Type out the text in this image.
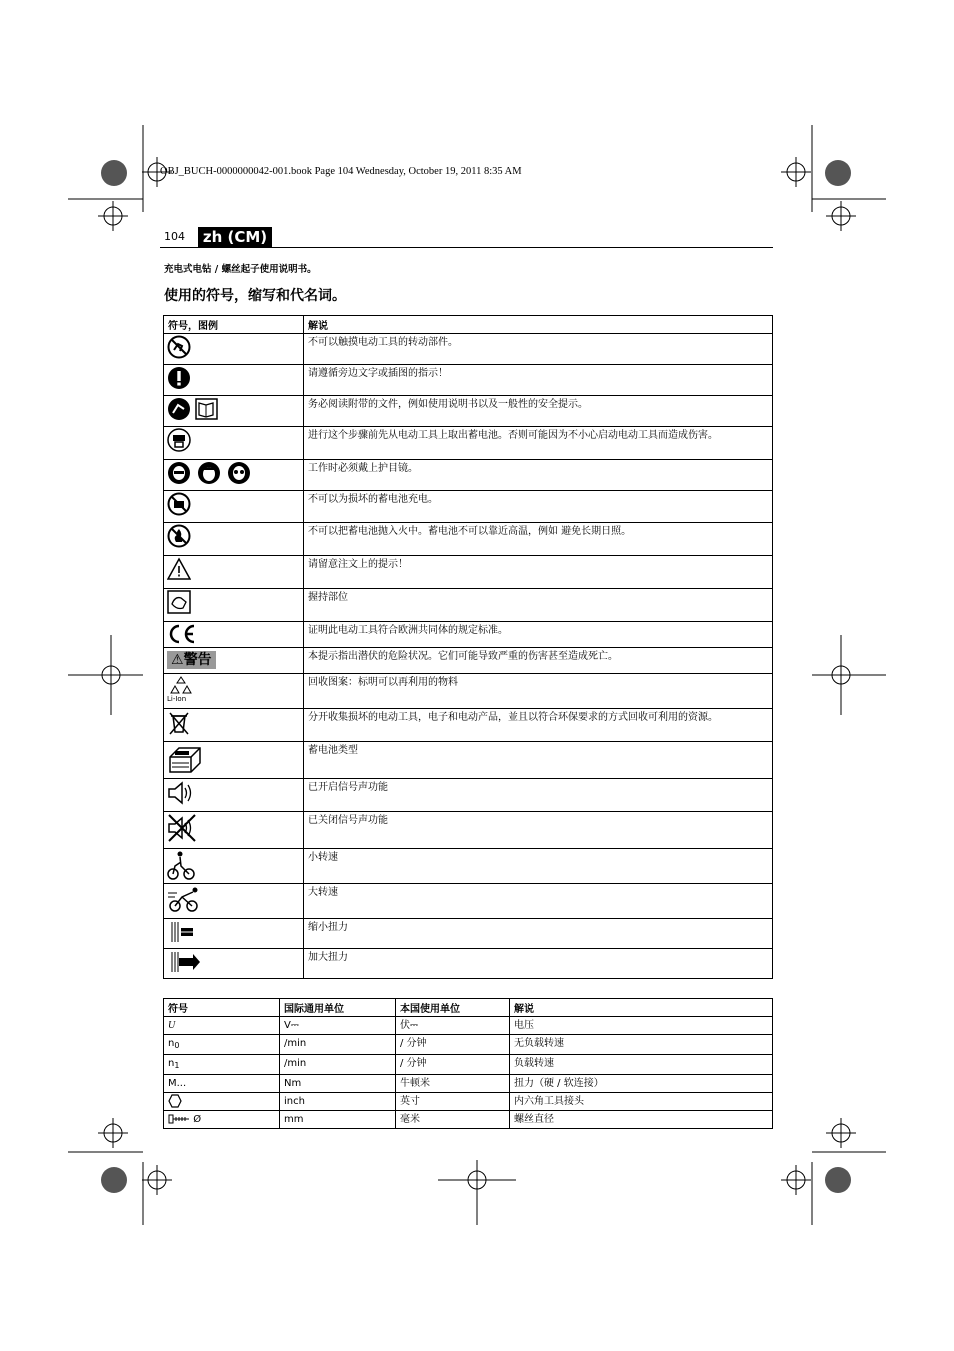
OBJ_BUCH-0000000042-001.book Page 104 Wednesday, October 19, 2011 8:35 AM
104	zh (CM)
充电式电钻 / 螺丝起子使用说明书。
使用的符号，缩写和代名词。
符号，图例	解说
	不可以触摸电动工具的转动部件。
	请遵循旁边文字或插图的指示！
	务必阅读附带的文件，例如使用说明书以及一般性的安全提示。
	进行这个步骤前先从电动工具上取出蓄电池。否则可能因为不小心启动电动工具而造成伤害。
	工作时必须戴上护目镜。
	不可以为损坏的蓄电池充电。
	不可以把蓄电池抛入火中。蓄电池不可以靠近高温，例如 避免长期日照。
	请留意注文上的提示！
	握持部位
	证明此电动工具符合欧洲共同体的规定标准。
⚠警告	本提示指出潜伏的危险状况。它们可能导致严重的伤害甚至造成死亡。

Li-Ion	回收图案：标明可以再利用的物料
	分开收集损坏的电动工具，电子和电动产品，並且以符合环保要求的方式回收可利用的资源。
	蓄电池类型
	已开启信号声功能
	已关闭信号声功能
	小转速
	大转速
	缩小扭力
	加大扭力
符号	国际通用单位	本国使用单位	解说
U	V⎓	伏⎓	电压
$n_0$	/min	/ 分钟	无负载转速
$n_1$	/min	/ 分钟	负载转速
M...	Nm	牛顿米	扭力（硬 / 软连接）
	inch	英寸	内六角工具接头
Ø	mm	毫米	螺丝直径
